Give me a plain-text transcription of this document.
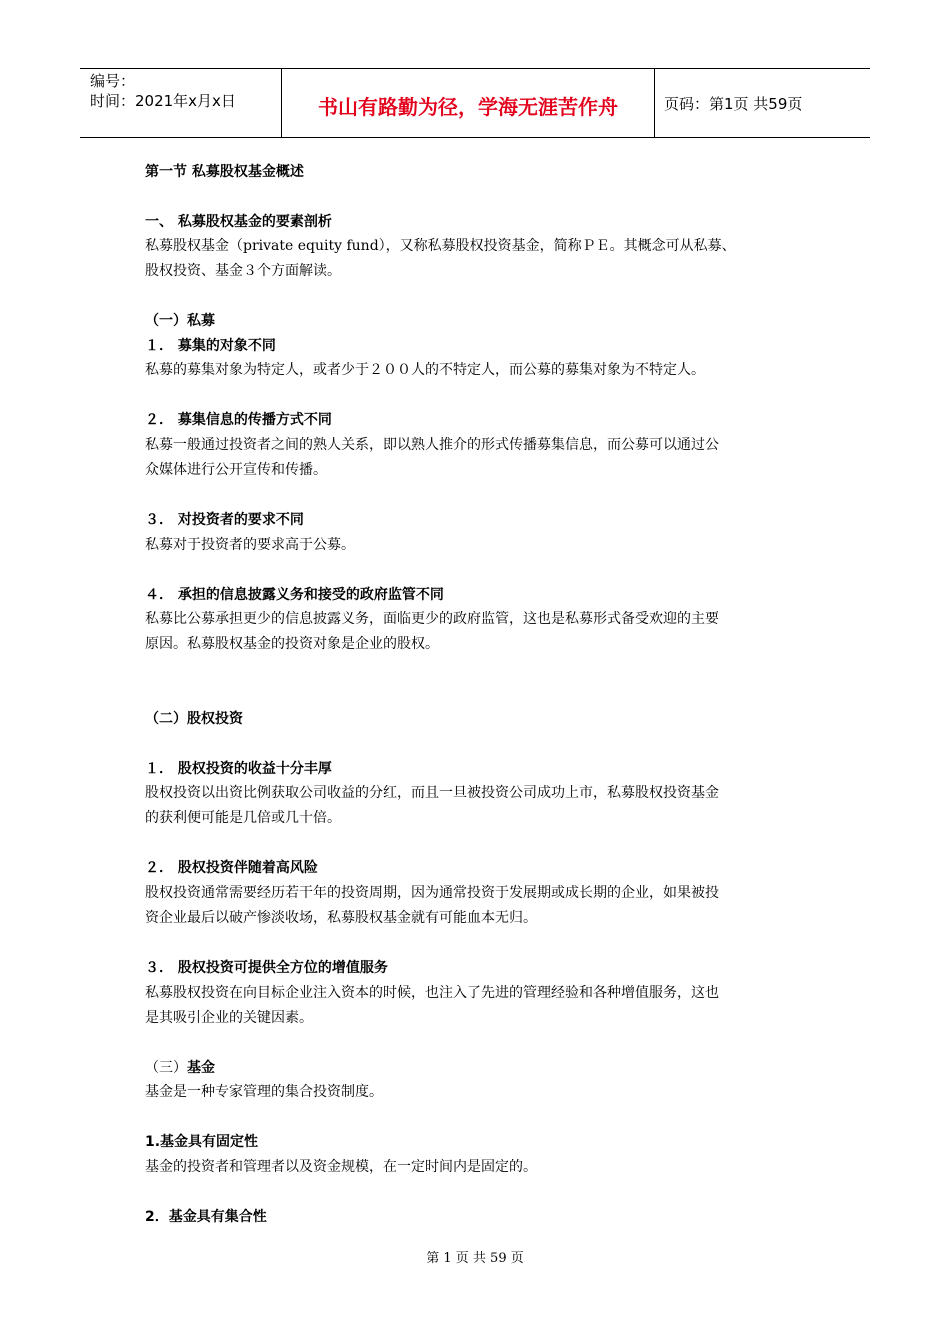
编号：
时间：2021年x月x日	书山有路勤为径，学海无涯苦作舟	页码：第1页 共59页
第一节 私募股权基金概述
一、 私募股权基金的要素剖析
私募股权基金（private equity fund），又称私募股权投资基金，简称ＰＥ。其概念可从私募、
股权投资、基金３个方面解读。
（一）私募
１． 募集的对象不同
私募的募集对象为特定人，或者少于２００人的不特定人，而公募的募集对象为不特定人。
２． 募集信息的传播方式不同
私募一般通过投资者之间的熟人关系，即以熟人推介的形式传播募集信息，而公募可以通过公
众媒体进行公开宣传和传播。
３． 对投资者的要求不同
私募对于投资者的要求高于公募。
４． 承担的信息披露义务和接受的政府监管不同
私募比公募承担更少的信息披露义务，面临更少的政府监管，这也是私募形式备受欢迎的主要
原因。私募股权基金的投资对象是企业的股权。
（二）股权投资
１． 股权投资的收益十分丰厚
股权投资以出资比例获取公司收益的分红，而且一旦被投资公司成功上市，私募股权投资基金
的获利便可能是几倍或几十倍。
２． 股权投资伴随着高风险
股权投资通常需要经历若干年的投资周期，因为通常投资于发展期或成长期的企业，如果被投
资企业最后以破产惨淡收场，私募股权基金就有可能血本无归。
３． 股权投资可提供全方位的增值服务
私募股权投资在向目标企业注入资本的时候，也注入了先进的管理经验和各种增值服务，这也
是其吸引企业的关键因素。
（三）基金
基金是一种专家管理的集合投资制度。
1.基金具有固定性
基金的投资者和管理者以及资金规模，在一定时间内是固定的。
2．基金具有集合性
第 1 页 共 59 页
